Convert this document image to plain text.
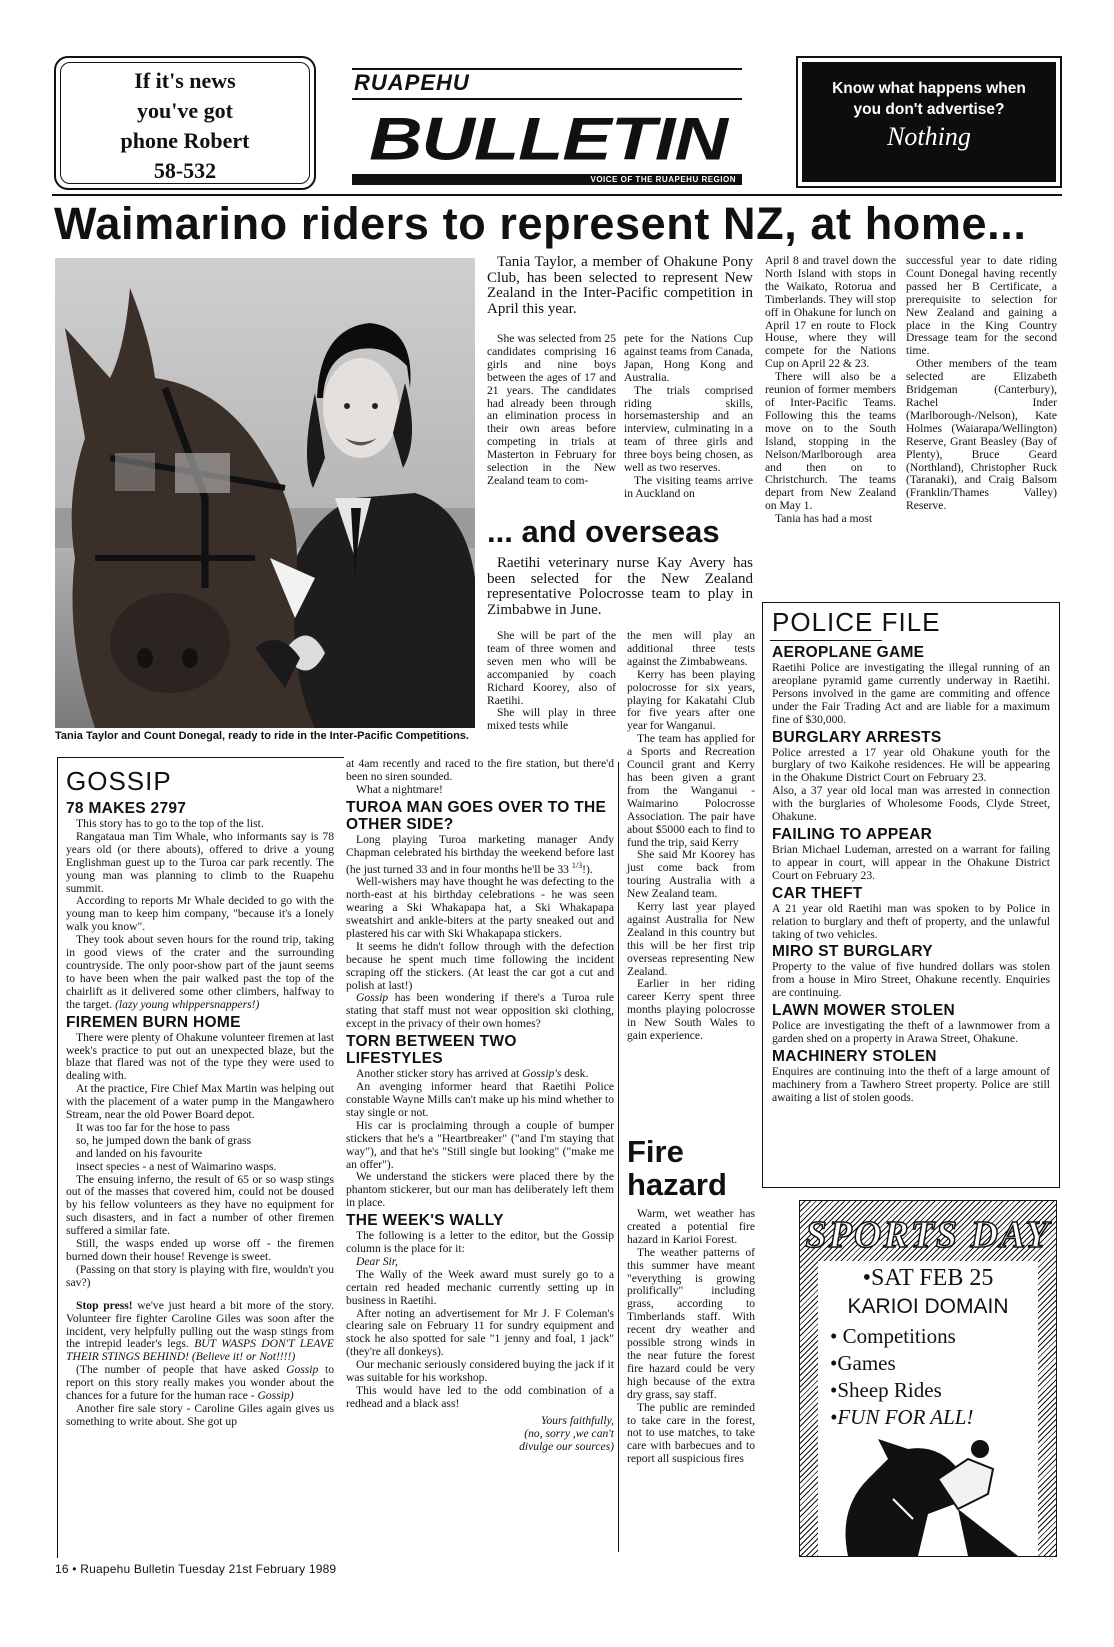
If it's news
you've got
phone Robert
58-532
RUAPEHU
BULLETIN
VOICE OF THE RUAPEHU REGION
Know what happens when
you don't advertise?
Nothing
Waimarino riders to represent NZ, at home...
Tania Taylor and Count Donegal, ready to ride in the Inter-Pacific Competitions.

Tania Taylor, a member of Ohakune Pony Club, has been selected to represent New Zealand in the Inter-Pacific competition in April this year.

She was selected from 25 candidates comprising 16 girls and nine boys between the ages of 17 and 21 years. The candidates had already been through an elimination process in their own areas before competing in trials at Masterton in February for selection in the New Zealand team to com-

pete for the Nations Cup against teams from Canada, Japan, Hong Kong and Australia.

The trials comprised riding skills, horsemastership and an interview, culminating in a team of three girls and three boys being chosen, as well as two reserves.

The visiting teams arrive in Auckland on

April 8 and travel down the North Island with stops in the Waikato, Rotorua and Timberlands. They will stop off in Ohakune for lunch on April 17 en route to Flock House, where they will compete for the Nations Cup on April 22 & 23.

There will also be a reunion of former members of Inter-Pacific Teams. Following this the teams move on to the South Island, stopping in the Nelson/Marlborough area and then on to Christchurch. The teams depart from New Zealand on May 1.

Tania has had a most

successful year to date riding Count Donegal having recently passed her B Certificate, a prerequisite to selection for New Zealand and gaining a place in the King Country Dressage team for the second time.

Other members of the team selected are Elizabeth Bridgeman (Canterbury), Rachel Inder (Marlborough-/Nelson), Kate Holmes (Waiarapa/Wellington) Reserve, Grant Beasley (Bay of Plenty), Bruce Geard (Northland), Christopher Ruck (Taranaki), and Craig Balsom (Franklin/Thames Valley) Reserve.

... and overseas

Raetihi veterinary nurse Kay Avery has been selected for the New Zealand representative Polocrosse team to play in Zimbabwe in June.

She will be part of the team of three women and seven men who will be accompanied by coach Richard Koorey, also of Raetihi.

She will play in three mixed tests while

the men will play an additional three tests against the Zimbabweans.

Kerry has been playing polocrosse for six years, playing for Kakatahi Club for five years after one year for Wanganui.

The team has applied for a Sports and Recreation Council grant and Kerry has been given a grant from the Wanganui - Waimarino Polocrosse Association. The pair have about $5000 each to find to fund the trip, said Kerry

She said Mr Koorey has just come back from touring Australia with a New Zealand team.

Kerry last year played against Australia for New Zealand in this country but this will be her first trip overseas representing New Zealand.

Earlier in her riding career Kerry spent three months playing polocrosse in New South Wales to gain experience.

GOSSIP
78 MAKES 2797

This story has to go to the top of the list.

Rangataua man Tim Whale, who informants say is 78 years old (or there abouts), offered to drive a young Englishman guest up to the Turoa car park recently. The young man was planning to climb to the Ruapehu summit.

According to reports Mr Whale decided to go with the young man to keep him company, "because it's a lonely walk you know".

They took about seven hours for the round trip, taking in good views of the crater and the surrounding countryside. The only poor-show part of the jaunt seems to have been when the pair walked past the top of the chairlift as it delivered some other climbers, halfway to the target. (lazy young whippersnappers!)

FIREMEN BURN HOME

There were plenty of Ohakune volunteer firemen at last week's practice to put out an unexpected blaze, but the blaze that flared was not of the type they were used to dealing with.

At the practice, Fire Chief Max Martin was helping out with the placement of a water pump in the Mangawhero Stream, near the old Power Board depot.

It was too far for the hose to pass

so, he jumped down the bank of grass

and landed on his favourite

insect species - a nest of Waimarino wasps.

The ensuing inferno, the result of 65 or so wasp stings out of the masses that covered him, could not be doused by his fellow volunteers as they have no equipment for such disasters, and in fact a number of other firemen suffered a similar fate.

Still, the wasps ended up worse off - the firemen burned down their house! Revenge is sweet.

(Passing on that story is playing with fire, wouldn't you sav?)

Stop press! we've just heard a bit more of the story. Volunteer fire fighter Caroline Giles was soon after the incident, very helpfully pulling out the wasp stings from the intrepid leader's legs. BUT WASPS DON'T LEAVE THEIR STINGS BEHIND! (Believe it! or Not!!!!)

(The number of people that have asked Gossip to report on this story really makes you wonder about the chances for a future for the human race - Gossip)

Another fire sale story - Caroline Giles again gives us something to write about. She got up

at 4am recently and raced to the fire station, but there'd been no siren sounded.

What a nightmare!

TUROA MAN GOES OVER TO THE OTHER SIDE?

Long playing Turoa marketing manager Andy Chapman celebrated his birthday the weekend before last (he just turned 33 and in four months he'll be 33 $^{1/3}$!).

Well-wishers may have thought he was defecting to the north-east at his birthday celebrations - he was seen wearing a Ski Whakapapa hat, a Ski Whakapapa sweatshirt and ankle-biters at the party sneaked out and plastered his car with Ski Whakapapa stickers.

It seems he didn't follow through with the defection because he spent much time following the incident scraping off the stickers. (At least the car got a cut and polish at last!)

Gossip has been wondering if there's a Turoa rule stating that staff must not wear opposition ski clothing, except in the privacy of their own homes?

TORN BETWEEN TWO LIFESTYLES

Another sticker story has arrived at Gossip's desk.

An avenging informer heard that Raetihi Police constable Wayne Mills can't make up his mind whether to stay single or not.

His car is proclaiming through a couple of bumper stickers that he's a "Heartbreaker" ("and I'm staying that way"), and that he's "Still single but looking" ("make me an offer").

We understand the stickers were placed there by the phantom stickerer, but our man has deliberately left them in place.

THE WEEK'S WALLY

The following is a letter to the editor, but the Gossip column is the place for it:

Dear Sir,

The Wally of the Week award must surely go to a certain red headed mechanic currently setting up in business in Raetihi.

After noting an advertisement for Mr J. F Coleman's clearing sale on February 11 for sundry equipment and stock he also spotted for sale "1 jenny and foal, 1 jack" (they're all donkeys).

Our mechanic seriously considered buying the jack if it was suitable for his workshop.

This would have led to the odd combination of a redhead and a black ass!

Yours faithfully,
(no, sorry ,we can't
divulge our sources)
Fire
hazard

Warm, wet weather has created a potential fire hazard in Karioi Forest.

The weather patterns of this summer have meant "everything is growing prolifically" including grass, according to Timberlands staff. With recent dry weather and possible strong winds in the near future the forest fire hazard could be very high because of the extra dry grass, say staff.

The public are reminded to take care in the forest, not to use matches, to take care with barbecues and to report all suspicious fires

POLICE FILE
AEROPLANE GAME

Raetihi Police are investigating the illegal running of an areoplane pyramid game currently underway in Raetihi. Persons involved in the game are commiting and offence under the Fair Trading Act and are liable for a maximum fine of $30,000.

BURGLARY ARRESTS

Police arrested a 17 year old Ohakune youth for the burglary of two Kaikohe residences. He will be appearing in the Ohakune District Court on February 23.

Also, a 37 year old local man was arrested in connection with the burglaries of Wholesome Foods, Clyde Street, Ohakune.

FAILING TO APPEAR

Brian Michael Ludeman, arrested on a warrant for failing to appear in court, will appear in the Ohakune District Court on February 23.

CAR THEFT

A 21 year old Raetihi man was spoken to by Police in relation to burglary and theft of property, and the unlawful taking of two vehicles.

MIRO ST BURGLARY

Property to the value of five hundred dollars was stolen from a house in Miro Street, Ohakune recently. Enquiries are continuing.

LAWN MOWER STOLEN

Police are investigating the theft of a lawnmower from a garden shed on a property in Arawa Street, Ohakune.

MACHINERY STOLEN

Enquires are continuing into the theft of a large amount of machinery from a Tawhero Street property. Police are still awaiting a list of stolen goods.

SPORTS DAY
•SAT FEB 25
KARIOI DOMAIN
• Competitions
•Games
•Sheep Rides
•FUN FOR ALL!
16 • Ruapehu Bulletin Tuesday 21st February 1989
